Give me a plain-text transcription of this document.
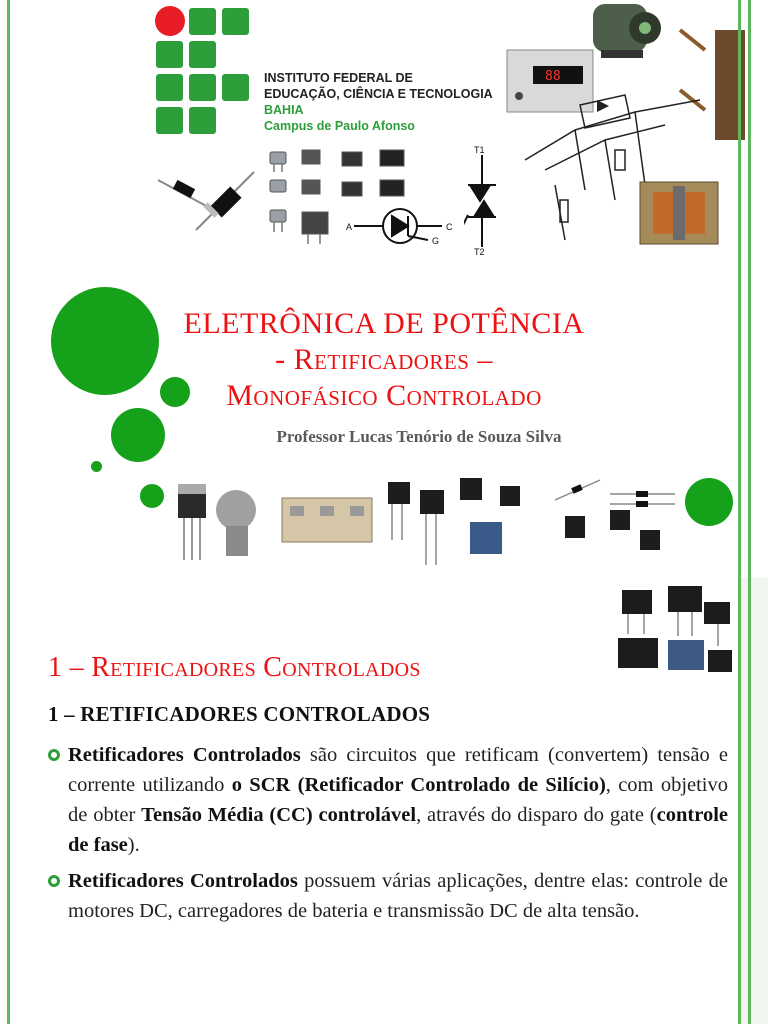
INSTITUTO FEDERAL DE
EDUCAÇÃO, CIÊNCIA E TECNOLOGIA
BAHIA
Campus de Paulo Afonso
A	C
G
T1
T2
88
ELETRÔNICA DE POTÊNCIA
- Retificadores –
Monofásico Controlado
Professor Lucas Tenório de Souza Silva
1 – Retificadores Controlados
1 – RETIFICADORES CONTROLADOS
Retificadores Controlados são circuitos que retificam (convertem) tensão e corrente utilizando o SCR (Retificador Controlado de Silício), com objetivo de obter Tensão Média (CC) controlável, através do disparo do gate (controle de fase).
Retificadores Controlados possuem várias aplicações, dentre elas: controle de motores DC, carregadores de bateria e transmissão DC de alta tensão.
